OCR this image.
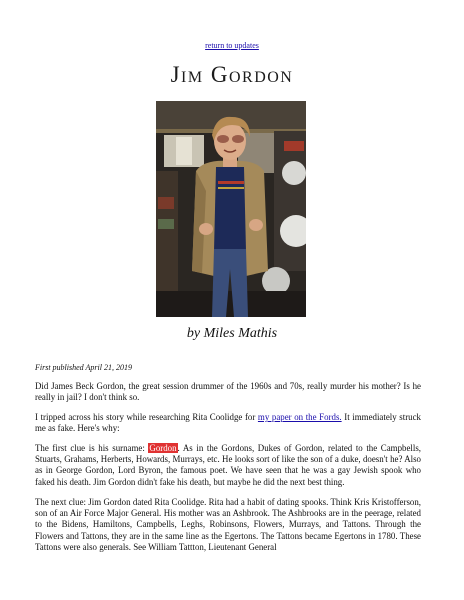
return to updates
Jim Gordon
by Miles Mathis
First published April 21, 2019

Did James Beck Gordon, the great session drummer of the 1960s and 70s, really murder his mother? Is he really in jail? I don't think so.

I tripped across his story while researching Rita Coolidge for my paper on the Fords. It immediately struck me as fake. Here's why:

The first clue is his surname: Gordon. As in the Gordons, Dukes of Gordon, related to the Campbells, Stuarts, Grahams, Herberts, Howards, Murrays, etc. He looks sort of like the son of a duke, doesn't he? Also as in George Gordon, Lord Byron, the famous poet. We have seen that he was a gay Jewish spook who faked his death. Jim Gordon didn't fake his death, but maybe he did the next best thing.

The next clue: Jim Gordon dated Rita Coolidge. Rita had a habit of dating spooks. Think Kris Kristofferson, son of an Air Force Major General. His mother was an Ashbrook. The Ashbrooks are in the peerage, related to the Bidens, Hamiltons, Campbells, Leghs, Robinsons, Flowers, Murrays, and Tattons. Through the Flowers and Tattons, they are in the same line as the Egertons. The Tattons became Egertons in 1780. These Tattons were also generals. See William Tattton, Lieutenant General
